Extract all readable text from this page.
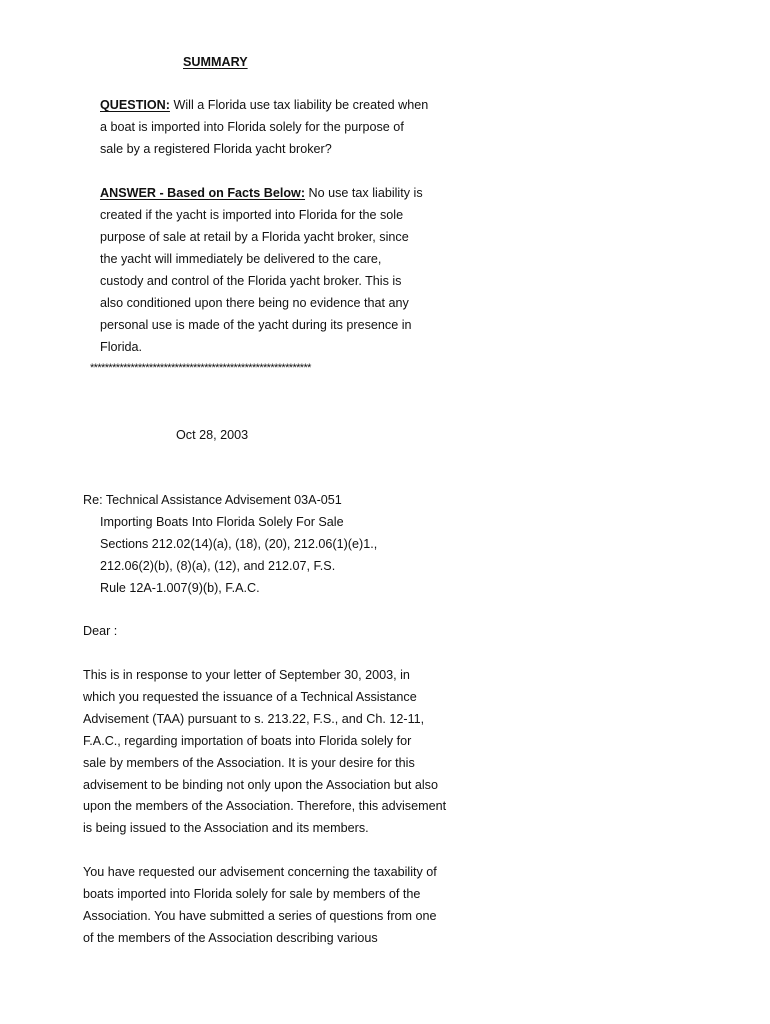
SUMMARY
QUESTION: Will a Florida use tax liability be created when
a boat is imported into Florida solely for the purpose of
sale by a registered Florida yacht broker?
ANSWER - Based on Facts Below: No use tax liability is
created if the yacht is imported into Florida for the sole
purpose of sale at retail by a Florida yacht broker, since
the yacht will immediately be delivered to the care,
custody and control of the Florida yacht broker. This is
also conditioned upon there being no evidence that any
personal use is made of the yacht during its presence in
Florida.
************************************************************
Oct 28, 2003
Re: Technical Assistance Advisement 03A-051
Importing Boats Into Florida Solely For Sale
Sections 212.02(14)(a), (18), (20), 212.06(1)(e)1.,
212.06(2)(b), (8)(a), (12), and 212.07, F.S.
Rule 12A-1.007(9)(b), F.A.C.
Dear :
This is in response to your letter of September 30, 2003, in
which you requested the issuance of a Technical Assistance
Advisement (TAA) pursuant to s. 213.22, F.S., and Ch. 12-11,
F.A.C., regarding importation of boats into Florida solely for
sale by members of the Association. It is your desire for this
advisement to be binding not only upon the Association but also
upon the members of the Association. Therefore, this advisement
is being issued to the Association and its members.
You have requested our advisement concerning the taxability of
boats imported into Florida solely for sale by members of the
Association. You have submitted a series of questions from one
of the members of the Association describing various
